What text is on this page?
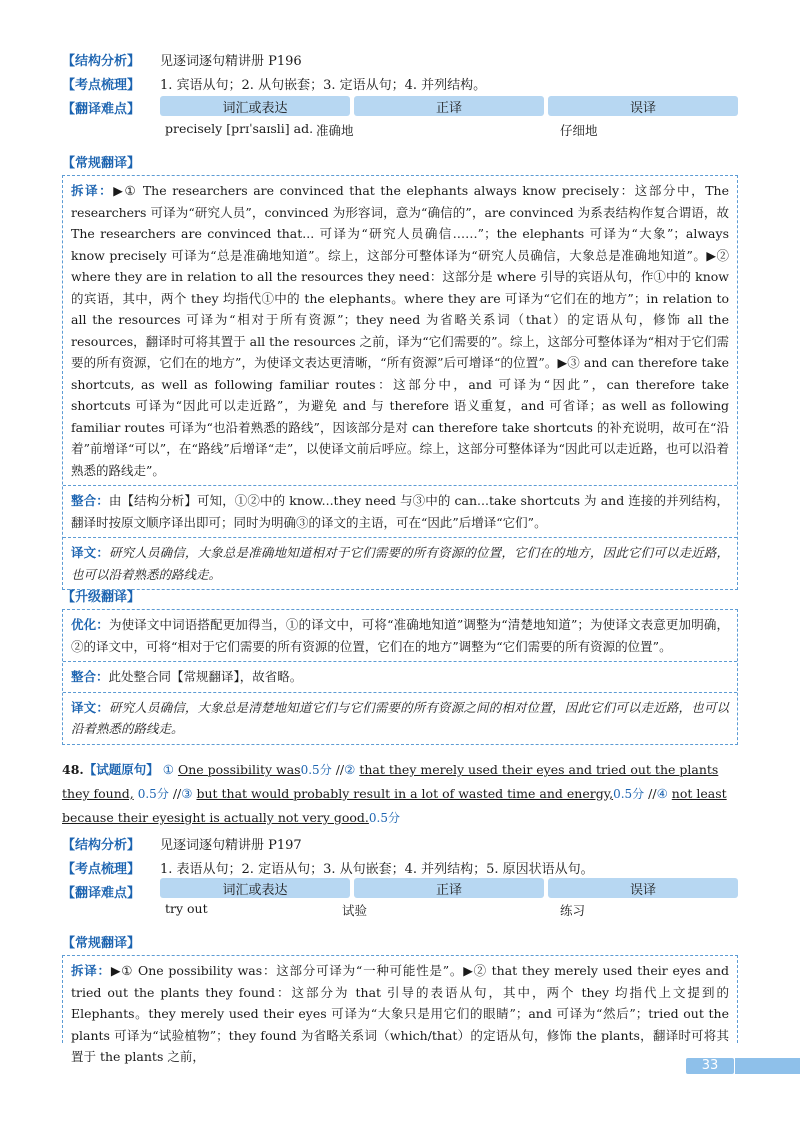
【结构分析】 见逐词逐句精讲册 P196
【考点梳理】 1. 宾语从句；2. 从句嵌套；3. 定语从句；4. 并列结构。
【翻译难点】	词汇或表达	正译	误译
precisely [prɪˈsaɪsli] ad. 准确地	仔细地
【常规翻译】
拆译：▶① The researchers are convinced that the elephants always know precisely：这部分中，The researchers 可译为“研究人员”，convinced 为形容词，意为“确信的”，are convinced 为系表结构作复合谓语，故 The researchers are convinced that... 可译为“研究人员确信……”；the elephants 可译为“大象”；always know precisely 可译为“总是准确地知道”。综上，这部分可整体译为“研究人员确信，大象总是准确地知道”。▶② where they are in relation to all the resources they need：这部分是 where 引导的宾语从句，作①中的 know 的宾语，其中，两个 they 均指代①中的 the elephants。where they are 可译为“它们在的地方”；in relation to all the resources 可译为“相对于所有资源”；they need 为省略关系词（that）的定语从句，修饰 all the resources，翻译时可将其置于 all the resources 之前，译为“它们需要的”。综上，这部分可整体译为“相对于它们需要的所有资源，它们在的地方”，为使译文表达更清晰，“所有资源”后可增译“的位置”。▶③ and can therefore take shortcuts, as well as following familiar routes：这部分中，and 可译为“因此”，can therefore take shortcuts 可译为“因此可以走近路”，为避免 and 与 therefore 语义重复，and 可省译；as well as following familiar routes 可译为“也沿着熟悉的路线”，因该部分是对 can therefore take shortcuts 的补充说明，故可在“沿着”前增译“可以”，在“路线”后增译“走”，以使译文前后呼应。综上，这部分可整体译为“因此可以走近路，也可以沿着熟悉的路线走”。
整合：由【结构分析】可知，①②中的 know...they need 与③中的 can...take shortcuts 为 and 连接的并列结构，翻译时按原文顺序译出即可；同时为明确③的译文的主语，可在“因此”后增译“它们”。
译文：研究人员确信，大象总是准确地知道相对于它们需要的所有资源的位置，它们在的地方，因此它们可以走近路，也可以沿着熟悉的路线走。
【升级翻译】
优化：为使译文中词语搭配更加得当，①的译文中，可将“准确地知道”调整为“清楚地知道”；为使译文表意更加明确，②的译文中，可将“相对于它们需要的所有资源的位置，它们在的地方”调整为“它们需要的所有资源的位置”。
整合：此处整合同【常规翻译】，故省略。
译文：研究人员确信，大象总是清楚地知道它们与它们需要的所有资源之间的相对位置，因此它们可以走近路，也可以沿着熟悉的路线走。
48.【试题原句】 ① One possibility was0.5分 //② that they merely used their eyes and tried out the plants they found, 0.5分 //③ but that would probably result in a lot of wasted time and energy,0.5分 //④ not least because their eyesight is actually not very good.0.5分
【结构分析】 见逐词逐句精讲册 P197
【考点梳理】 1. 表语从句；2. 定语从句；3. 从句嵌套；4. 并列结构；5. 原因状语从句。
【翻译难点】	词汇或表达	正译	误译
try out	试验	练习
【常规翻译】
拆译：▶① One possibility was：这部分可译为“一种可能性是”。▶② that they merely used their eyes and tried out the plants they found：这部分为 that 引导的表语从句，其中，两个 they 均指代上文提到的 Elephants。they merely used their eyes 可译为“大象只是用它们的眼睛”；and 可译为“然后”；tried out the plants 可译为“试验植物”；they found 为省略关系词（which/that）的定语从句，修饰 the plants，翻译时可将其置于 the plants 之前，
33
